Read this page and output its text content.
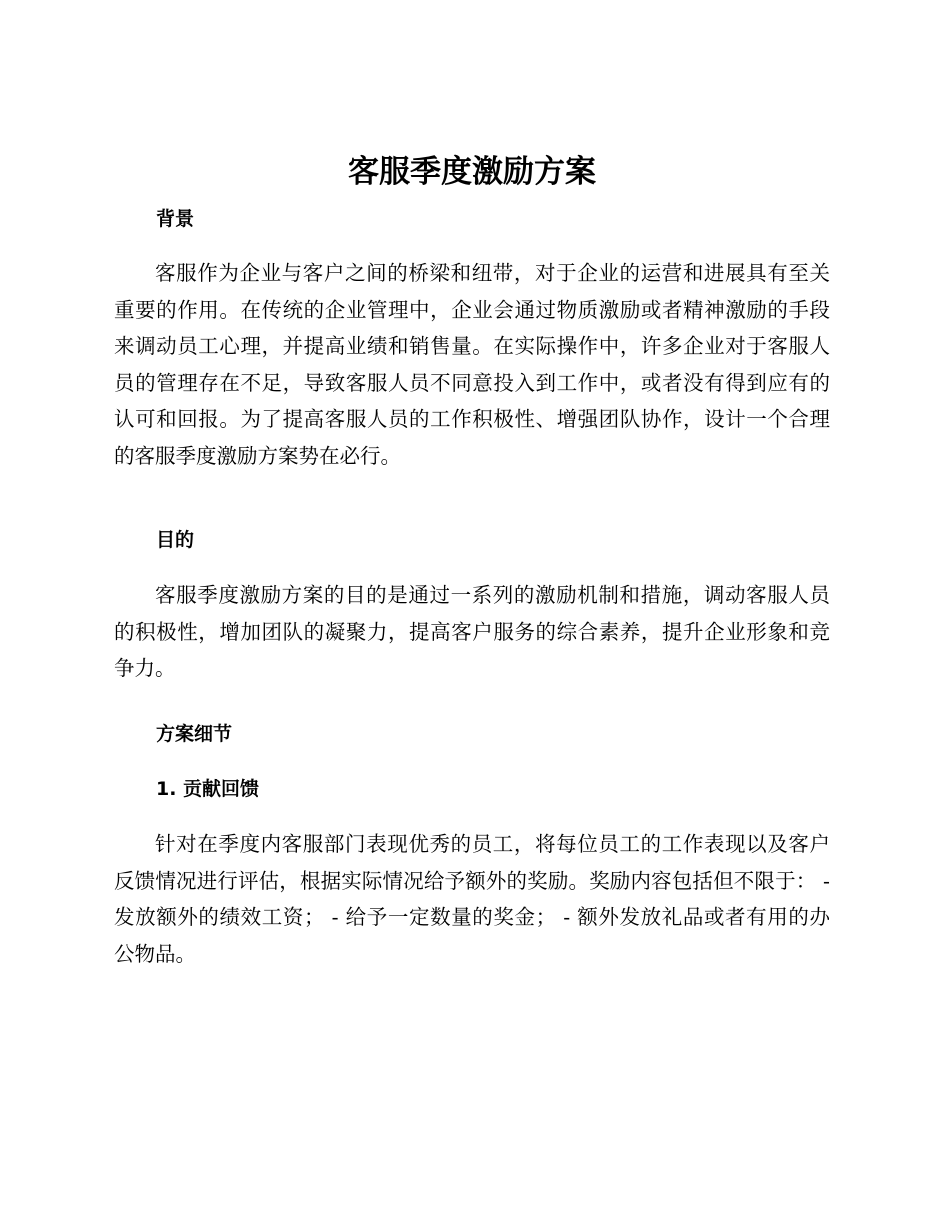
客服季度激励方案
背景

客服作为企业与客户之间的桥梁和纽带，对于企业的运营和进展具有至关重要的作用。在传统的企业管理中，企业会通过物质激励或者精神激励的手段来调动员工心理，并提高业绩和销售量。在实际操作中，许多企业对于客服人员的管理存在不足，导致客服人员不同意投入到工作中，或者没有得到应有的认可和回报。为了提高客服人员的工作积极性、增强团队协作，设计一个合理的客服季度激励方案势在必行。

目的

客服季度激励方案的目的是通过一系列的激励机制和措施，调动客服人员的积极性，增加团队的凝聚力，提高客户服务的综合素养，提升企业形象和竞争力。

方案细节
1. 贡献回馈

针对在季度内客服部门表现优秀的员工，将每位员工的工作表现以及客户反馈情况进行评估，根据实际情况给予额外的奖励。奖励内容包括但不限于： - 发放额外的绩效工资； - 给予一定数量的奖金； - 额外发放礼品或者有用的办公物品。
